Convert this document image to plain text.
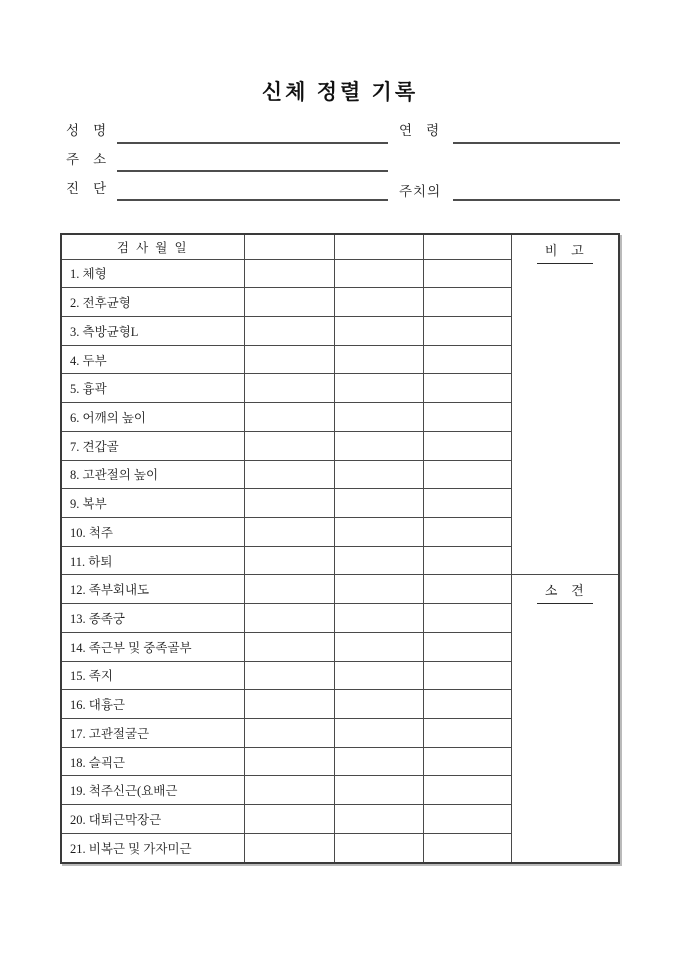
신체 정렬 기록
성   명	연   령
주   소
진   단	주치의
검 사 월 일				비   고
1. 체형				
2. 전후균형				
3. 측방균형L				
4. 두부				
5. 흉곽				
6. 어깨의 높이				
7. 견갑골				
8. 고관절의 높이				
9. 복부				
10. 척주				
11. 하퇴				
12. 족부회내도				소   견
13. 종족궁				
14. 족근부 및 중족골부				
15. 족지				
16. 대흉근				
17. 고관절굴근				
18. 슬괵근				
19. 척주신근(요배근				
20. 대퇴근막장근				
21. 비복근 및 가자미근				
